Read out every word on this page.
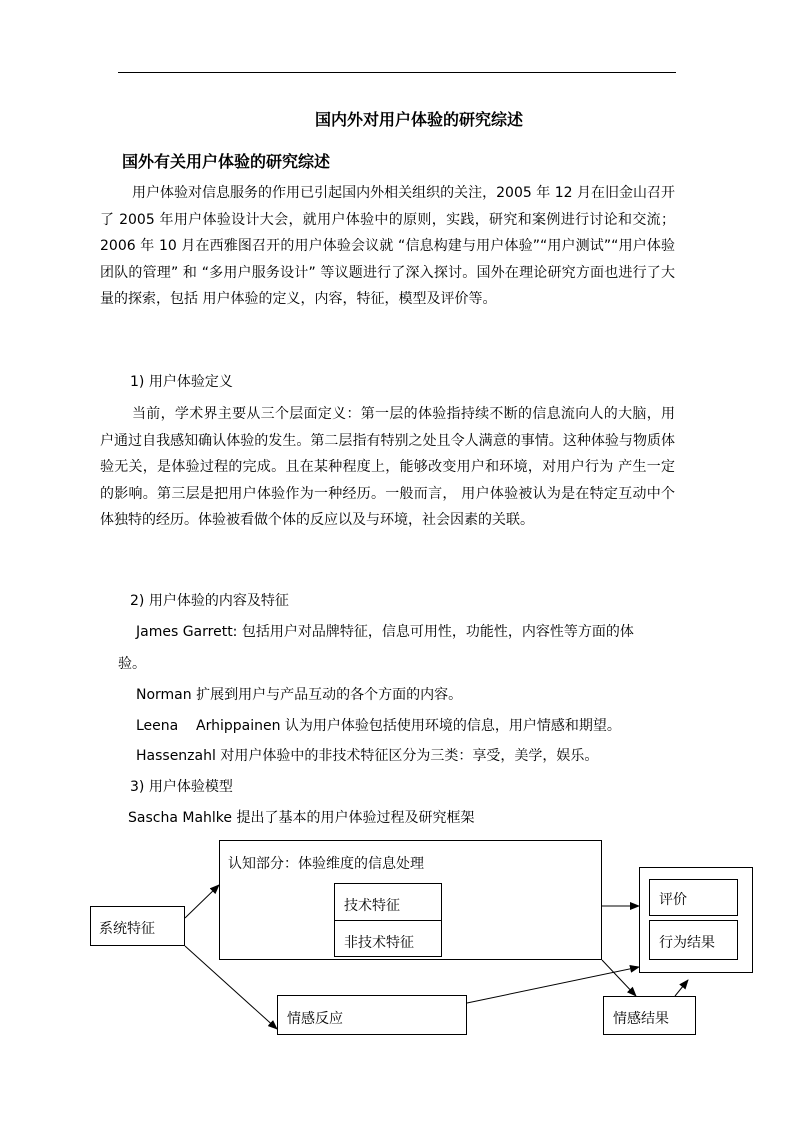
国内外对用户体验的研究综述
国外有关用户体验的研究综述
用户体验对信息服务的作用已引起国内外相关组织的关注，2005 年 12 月在旧金山召开了 2005 年用户体验设计大会，就用户体验中的原则，实践，研究和案例进行讨论和交流；2006 年 10 月在西雅图召开的用户体验会议就 “信息构建与用户体验”“用户测试”“用户体验团队的管理” 和 “多用户服务设计” 等议题进行了深入探讨。国外在理论研究方面也进行了大量的探索，包括 用户体验的定义，内容，特征，模型及评价等。
1) 用户体验定义
当前，学术界主要从三个层面定义：第一层的体验指持续不断的信息流向人的大脑，用户通过自我感知确认体验的发生。第二层指有特别之处且令人满意的事情。这种体验与物质体验无关，是体验过程的完成。且在某种程度上，能够改变用户和环境，对用户行为 产生一定的影响。第三层是把用户体验作为一种经历。一般而言， 用户体验被认为是在特定互动中个体独特的经历。体验被看做个体的反应以及与环境，社会因素的关联。
2) 用户体验的内容及特征
James Garrett: 包括用户对品牌特征，信息可用性，功能性，内容性等方面的体
验。
Norman 扩展到用户与产品互动的各个方面的内容。
Leena    Arhippainen 认为用户体验包括使用环境的信息，用户情感和期望。
Hassenzahl 对用户体验中的非技术特征区分为三类：享受，美学，娱乐。
3) 用户体验模型
Sascha Mahlke 提出了基本的用户体验过程及研究框架
认知部分：体验维度的信息处理
技术特征
非技术特征
系统特征
情感反应
评价
行为结果
情感结果
